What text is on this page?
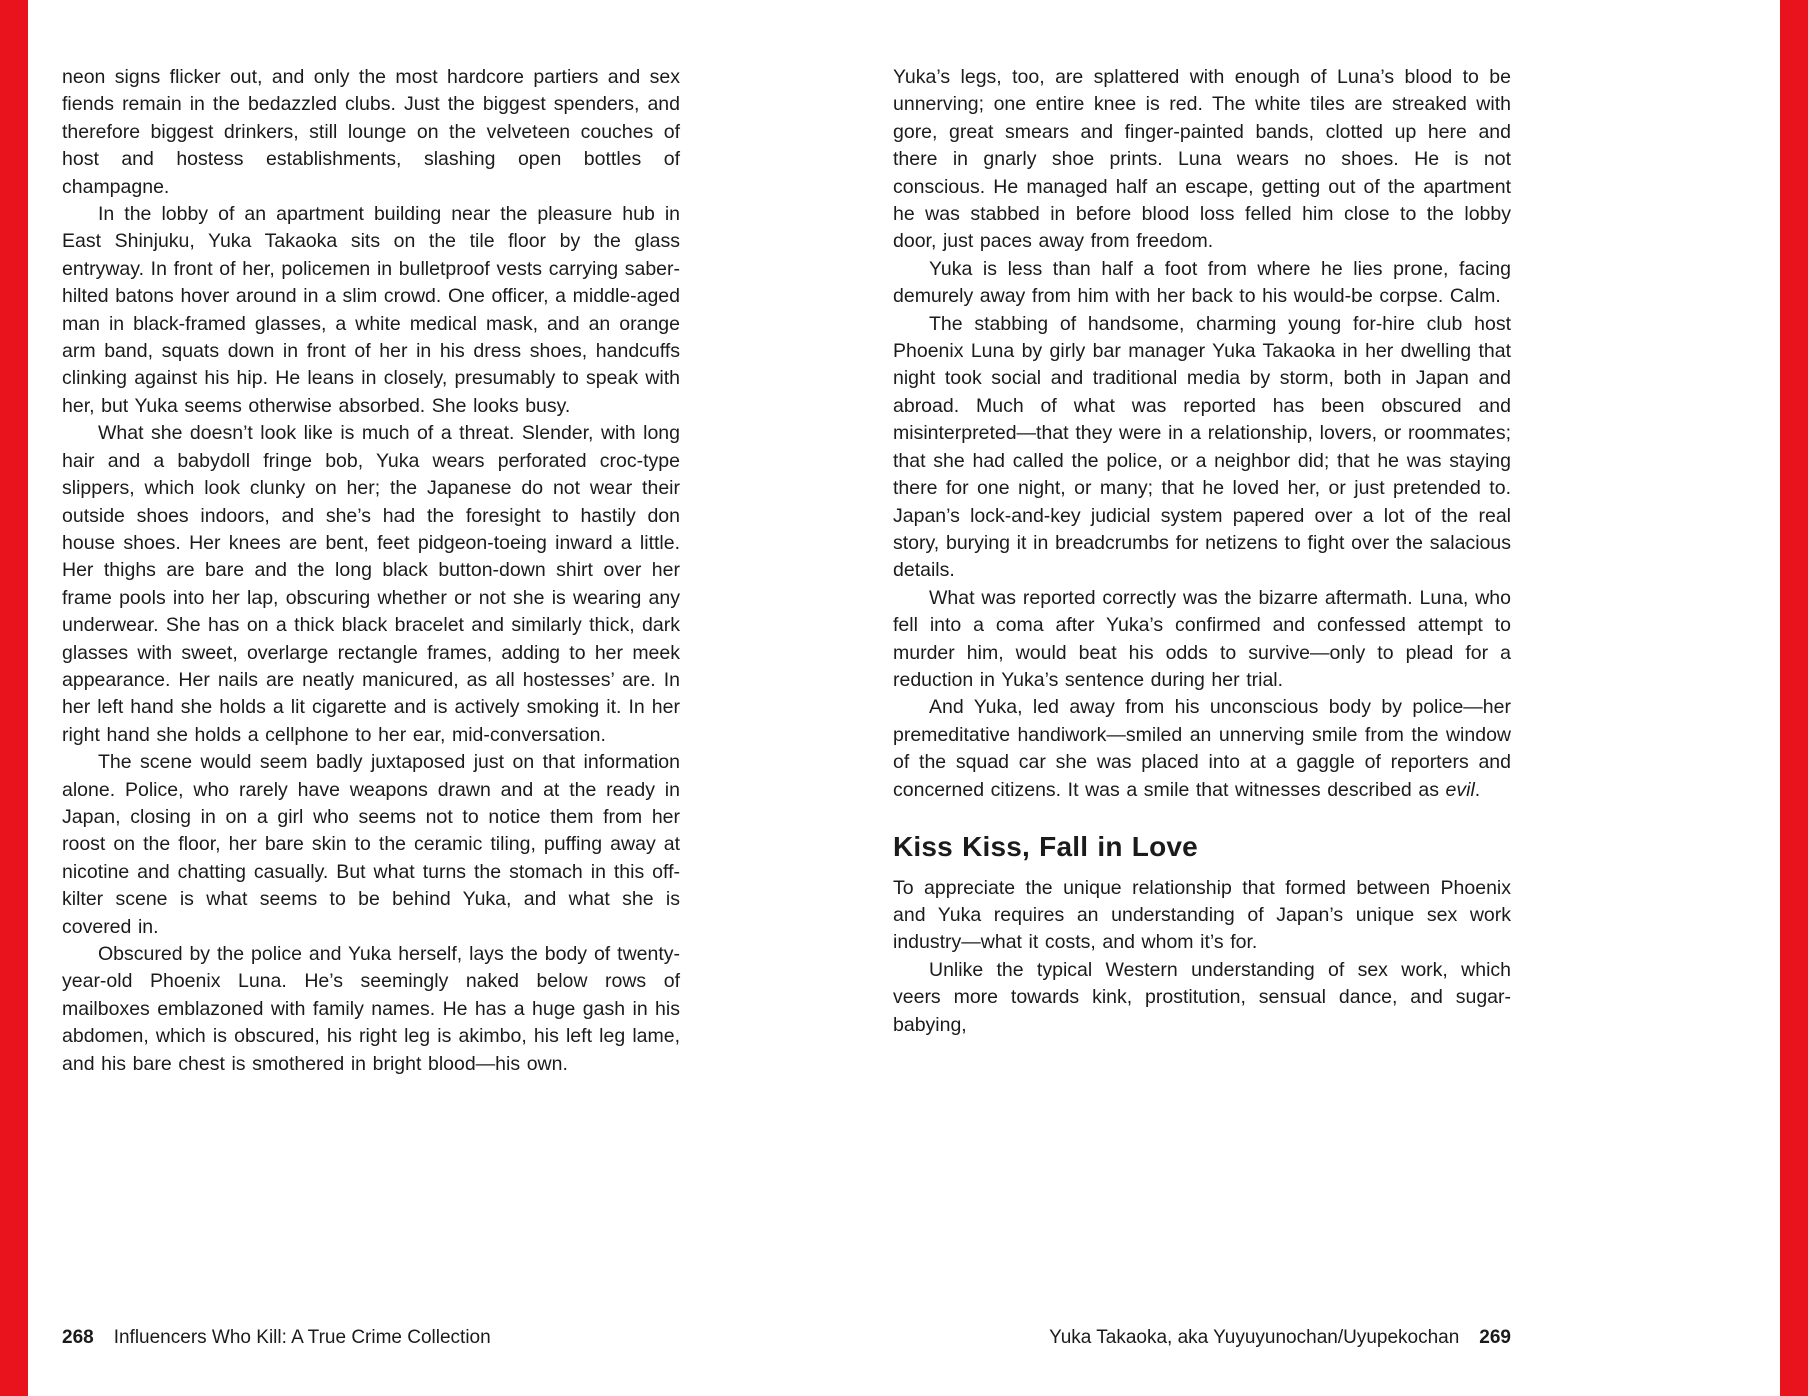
neon signs flicker out, and only the most hardcore partiers and sex fiends remain in the bedazzled clubs. Just the biggest spenders, and therefore biggest drinkers, still lounge on the velveteen couches of host and hostess establishments, slashing open bottles of champagne.

In the lobby of an apartment building near the pleasure hub in East Shinjuku, Yuka Takaoka sits on the tile floor by the glass entryway. In front of her, policemen in bulletproof vests carrying saber-hilted batons hover around in a slim crowd. One officer, a middle-aged man in black-framed glasses, a white medical mask, and an orange arm band, squats down in front of her in his dress shoes, handcuffs clinking against his hip. He leans in closely, presumably to speak with her, but Yuka seems otherwise absorbed. She looks busy.

What she doesn’t look like is much of a threat. Slender, with long hair and a babydoll fringe bob, Yuka wears perforated croc-type slippers, which look clunky on her; the Japanese do not wear their outside shoes indoors, and she’s had the foresight to hastily don house shoes. Her knees are bent, feet pidgeon-toeing inward a little. Her thighs are bare and the long black button-down shirt over her frame pools into her lap, obscuring whether or not she is wearing any underwear. She has on a thick black bracelet and similarly thick, dark glasses with sweet, overlarge rectangle frames, adding to her meek appearance. Her nails are neatly manicured, as all hostesses’ are. In her left hand she holds a lit cigarette and is actively smoking it. In her right hand she holds a cellphone to her ear, mid-conversation.

The scene would seem badly juxtaposed just on that information alone. Police, who rarely have weapons drawn and at the ready in Japan, closing in on a girl who seems not to notice them from her roost on the floor, her bare skin to the ceramic tiling, puffing away at nicotine and chatting casually. But what turns the stomach in this off-kilter scene is what seems to be behind Yuka, and what she is covered in.

Obscured by the police and Yuka herself, lays the body of twenty-year-old Phoenix Luna. He’s seemingly naked below rows of mailboxes emblazoned with family names. He has a huge gash in his abdomen, which is obscured, his right leg is akimbo, his left leg lame, and his bare chest is smothered in bright blood—his own.

268 Influencers Who Kill: A True Crime Collection

Yuka’s legs, too, are splattered with enough of Luna’s blood to be unnerving; one entire knee is red. The white tiles are streaked with gore, great smears and finger-painted bands, clotted up here and there in gnarly shoe prints. Luna wears no shoes. He is not conscious. He managed half an escape, getting out of the apartment he was stabbed in before blood loss felled him close to the lobby door, just paces away from freedom.

Yuka is less than half a foot from where he lies prone, facing demurely away from him with her back to his would-be corpse. Calm.

The stabbing of handsome, charming young for-hire club host Phoenix Luna by girly bar manager Yuka Takaoka in her dwelling that night took social and traditional media by storm, both in Japan and abroad. Much of what was reported has been obscured and misinterpreted—that they were in a relationship, lovers, or roommates; that she had called the police, or a neighbor did; that he was staying there for one night, or many; that he loved her, or just pretended to. Japan’s lock-and-key judicial system papered over a lot of the real story, burying it in breadcrumbs for netizens to fight over the salacious details.

What was reported correctly was the bizarre aftermath. Luna, who fell into a coma after Yuka’s confirmed and confessed attempt to murder him, would beat his odds to survive—only to plead for a reduction in Yuka’s sentence during her trial.

And Yuka, led away from his unconscious body by police—her premeditative handiwork—smiled an unnerving smile from the window of the squad car she was placed into at a gaggle of reporters and concerned citizens. It was a smile that witnesses described as evil.

Kiss Kiss, Fall in Love

To appreciate the unique relationship that formed between Phoenix and Yuka requires an understanding of Japan’s unique sex work industry—what it costs, and whom it’s for.

Unlike the typical Western understanding of sex work, which veers more towards kink, prostitution, sensual dance, and sugar-babying,

Yuka Takaoka, aka Yuyuyunochan/Uyupekochan 269
